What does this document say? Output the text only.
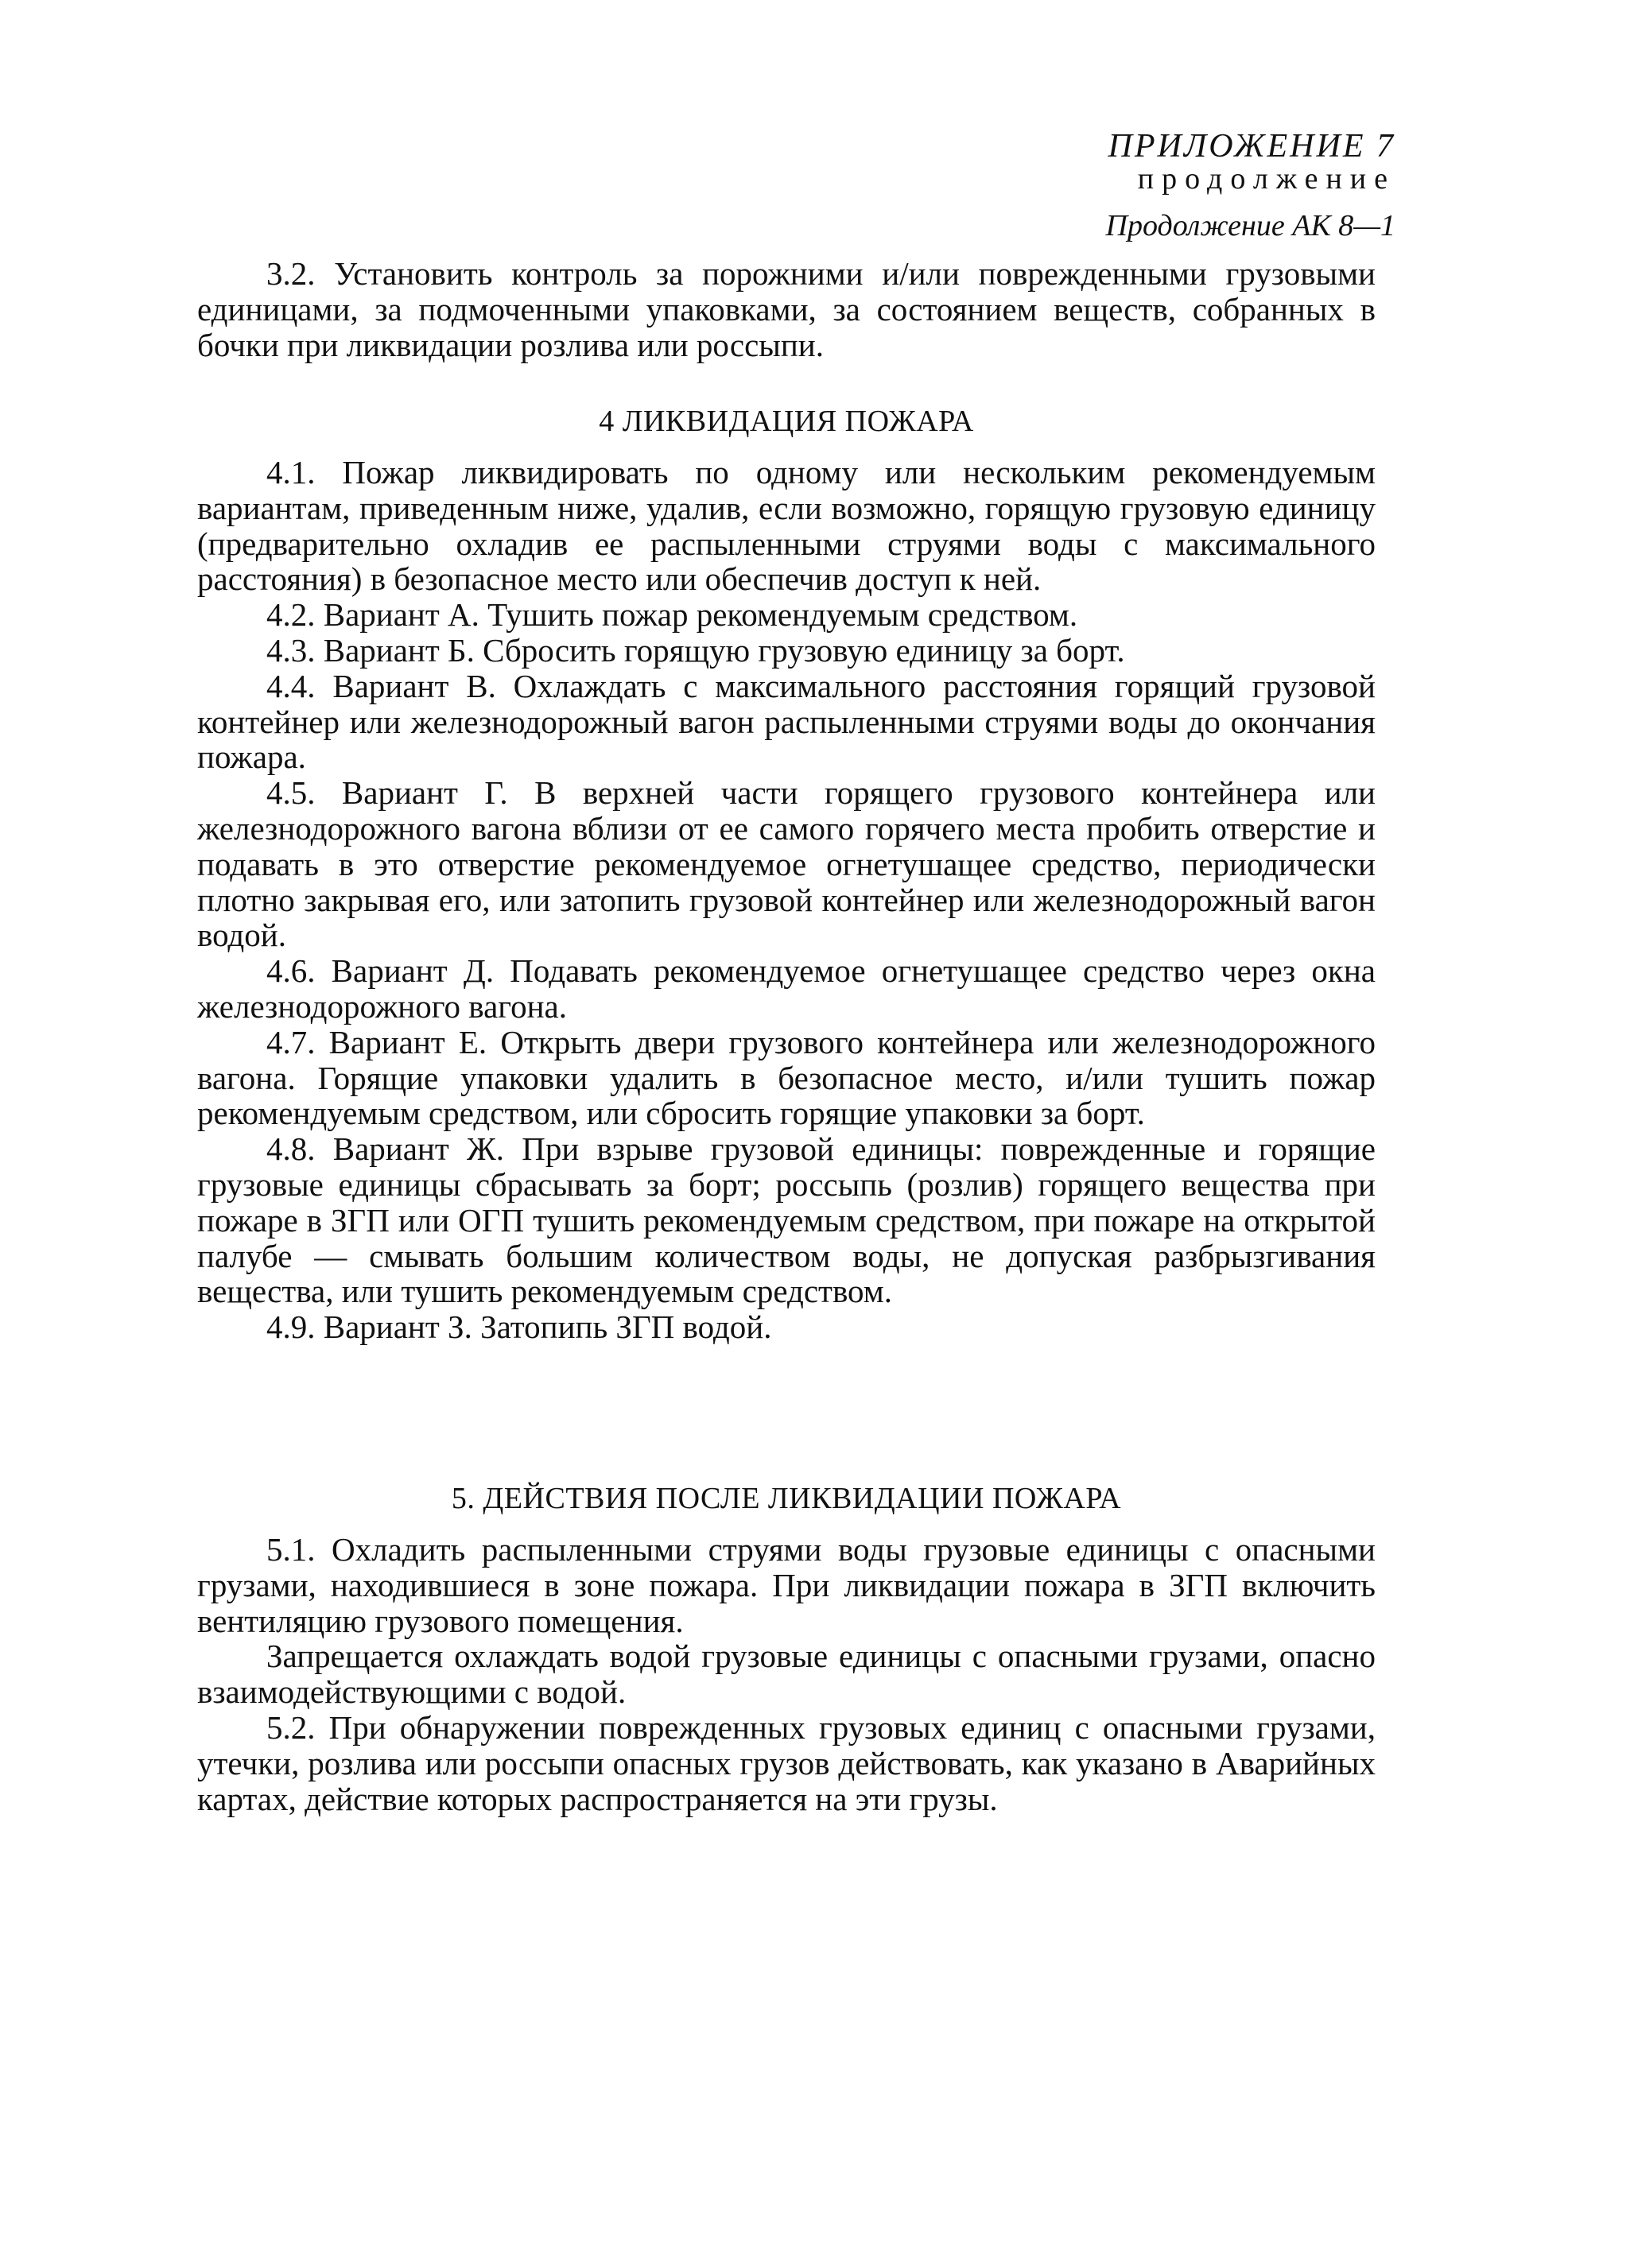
ПРИЛОЖЕНИЕ 7
продолжение
Продолжение АК 8—1

3.2. Установить контроль за порожними и/или поврежденными грузовыми единицами, за подмоченными упаковками, за состоянием веществ, собранных в бочки при ликвидации розлива или россыпи.

4 ЛИКВИДАЦИЯ ПОЖАРА

4.1. Пожар ликвидировать по одному или нескольким рекомендуемым вариантам, приведенным ниже, удалив, если возможно, горящую грузовую единицу (предварительно охладив ее распыленными струями воды с максимального расстояния) в безопасное место или обеспечив доступ к ней.

4.2. Вариант А. Тушить пожар рекомендуемым средством.

4.3. Вариант Б. Сбросить горящую грузовую единицу за борт.

4.4. Вариант В. Охлаждать с максимального расстояния горящий грузовой контейнер или железнодорожный вагон распыленными струями воды до окончания пожара.

4.5. Вариант Г. В верхней части горящего грузового контейнера или железнодорожного вагона вблизи от ее самого горячего места пробить отверстие и подавать в это отверстие рекомендуемое огнетушащее средство, периодически плотно закрывая его, или затопить грузовой контейнер или железнодорожный вагон водой.

4.6. Вариант Д. Подавать рекомендуемое огнетушащее средство через окна железнодорожного вагона.

4.7. Вариант Е. Открыть двери грузового контейнера или железнодорожного вагона. Горящие упаковки удалить в безопасное место, и/или тушить пожар рекомендуемым средством, или сбросить горящие упаковки за борт.

4.8. Вариант Ж. При взрыве грузовой единицы: поврежденные и горящие грузовые единицы сбрасывать за борт; россыпь (розлив) горящего вещества при пожаре в ЗГП или ОГП тушить рекомендуемым средством, при пожаре на открытой палубе — смывать большим количеством воды, не допуская разбрызгивания вещества, или тушить рекомендуемым средством.

4.9. Вариант З. Затопипь ЗГП водой.

5. ДЕЙСТВИЯ ПОСЛЕ ЛИКВИДАЦИИ ПОЖАРА

5.1. Охладить распыленными струями воды грузовые единицы с опасными грузами, находившиеся в зоне пожара. При ликвидации пожара в ЗГП включить вентиляцию грузового помещения.

Запрещается охлаждать водой грузовые единицы с опасными грузами, опасно взаимодействующими с водой.

5.2. При обнаружении поврежденных грузовых единиц с опасными грузами, утечки, розлива или россыпи опасных грузов действовать, как указано в Аварийных картах, действие которых распространяется на эти грузы.
